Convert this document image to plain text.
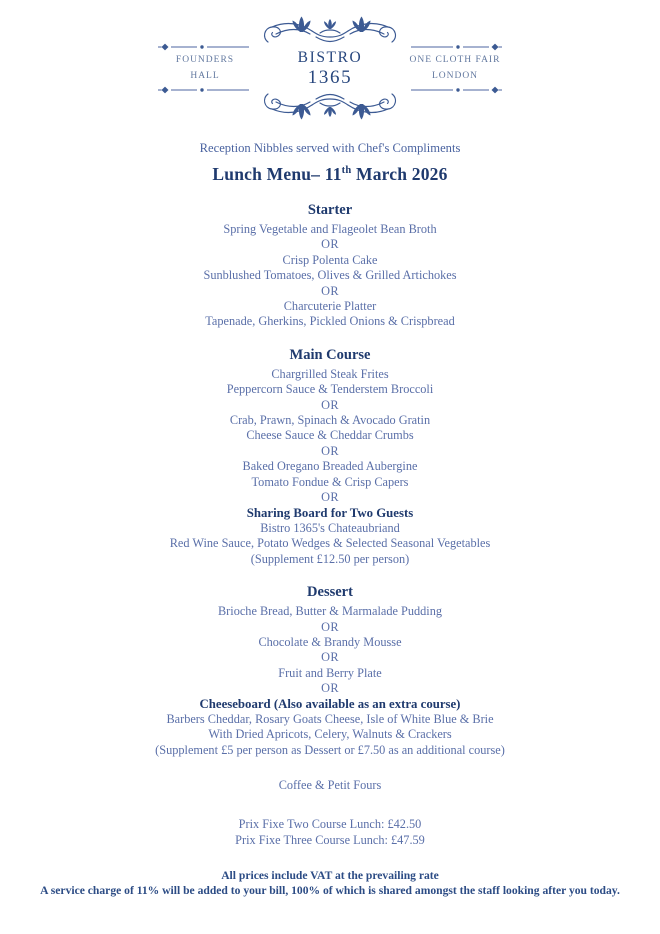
FOUNDERS
HALL
BISTRO
1365
ONE CLOTH FAIR
LONDON
Reception Nibbles served with Chef's Compliments
Lunch Menu– 11th March 2026
Starter
Spring Vegetable and Flageolet Bean Broth
OR
Crisp Polenta Cake
Sunblushed Tomatoes, Olives & Grilled Artichokes
OR
Charcuterie Platter
Tapenade, Gherkins, Pickled Onions & Crispbread
Main Course
Chargrilled Steak Frites
Peppercorn Sauce & Tenderstem Broccoli
OR
Crab, Prawn, Spinach & Avocado Gratin
Cheese Sauce & Cheddar Crumbs
OR
Baked Oregano Breaded Aubergine
Tomato Fondue & Crisp Capers
OR
Sharing Board for Two Guests
Bistro 1365's Chateaubriand
Red Wine Sauce, Potato Wedges & Selected Seasonal Vegetables
(Supplement £12.50 per person)
Dessert
Brioche Bread, Butter & Marmalade Pudding
OR
Chocolate & Brandy Mousse
OR
Fruit and Berry Plate
OR
Cheeseboard (Also available as an extra course)
Barbers Cheddar, Rosary Goats Cheese, Isle of White Blue & Brie
With Dried Apricots, Celery, Walnuts & Crackers
(Supplement £5 per person as Dessert or £7.50 as an additional course)
Coffee & Petit Fours
Prix Fixe Two Course Lunch: £42.50
Prix Fixe Three Course Lunch: £47.59
All prices include VAT at the prevailing rate
A service charge of 11% will be added to your bill, 100% of which is shared amongst the staff looking after you today.
